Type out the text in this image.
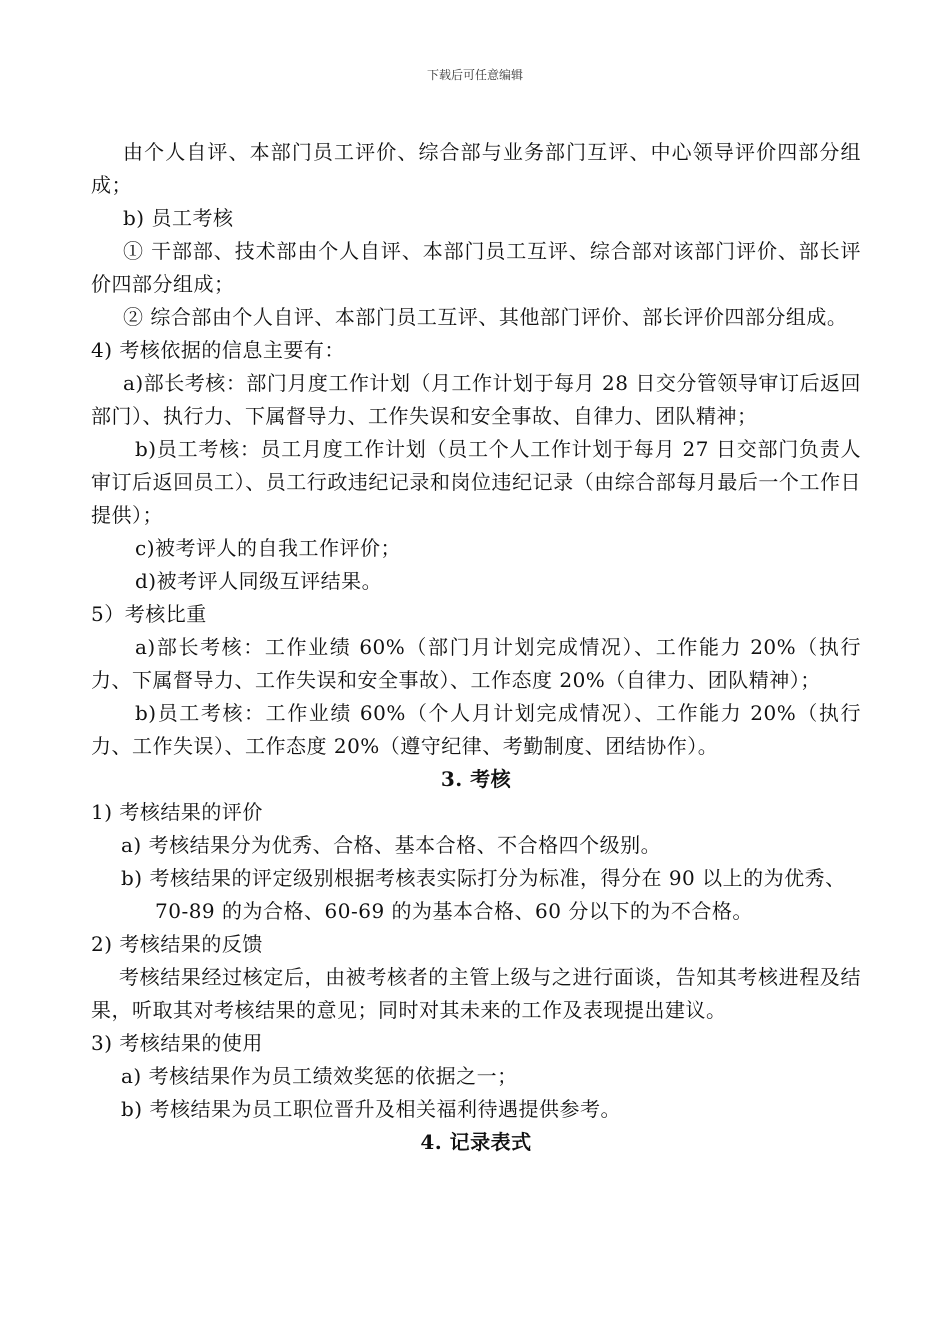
下载后可任意编辑

由个人自评、本部门员工评价、综合部与业务部门互评、中心领导评价四部分组成；

b) 员工考核

① 干部部、技术部由个人自评、本部门员工互评、综合部对该部门评价、部长评价四部分组成；

② 综合部由个人自评、本部门员工互评、其他部门评价、部长评价四部分组成。

4) 考核依据的信息主要有：

a)部长考核：部门月度工作计划（月工作计划于每月 28 日交分管领导审订后返回部门）、执行力、下属督导力、工作失误和安全事故、自律力、团队精神；

b)员工考核：员工月度工作计划（员工个人工作计划于每月 27 日交部门负责人审订后返回员工）、员工行政违纪记录和岗位违纪记录（由综合部每月最后一个工作日提供）；

c)被考评人的自我工作评价；

d)被考评人同级互评结果。

5）考核比重

a)部长考核：工作业绩 60%（部门月计划完成情况）、工作能力 20%（执行力、下属督导力、工作失误和安全事故）、工作态度 20%（自律力、团队精神）；

b)员工考核：工作业绩 60%（个人月计划完成情况）、工作能力 20%（执行力、工作失误）、工作态度 20%（遵守纪律、考勤制度、团结协作）。

3. 考核

1) 考核结果的评价

a) 考核结果分为优秀、合格、基本合格、不合格四个级别。

b) 考核结果的评定级别根据考核表实际打分为标准，得分在 90 以上的为优秀、70-89 的为合格、60-69 的为基本合格、60 分以下的为不合格。

2) 考核结果的反馈

考核结果经过核定后，由被考核者的主管上级与之进行面谈，告知其考核进程及结果，听取其对考核结果的意见；同时对其未来的工作及表现提出建议。

3) 考核结果的使用

a) 考核结果作为员工绩效奖惩的依据之一；

b) 考核结果为员工职位晋升及相关福利待遇提供参考。

4. 记录表式
